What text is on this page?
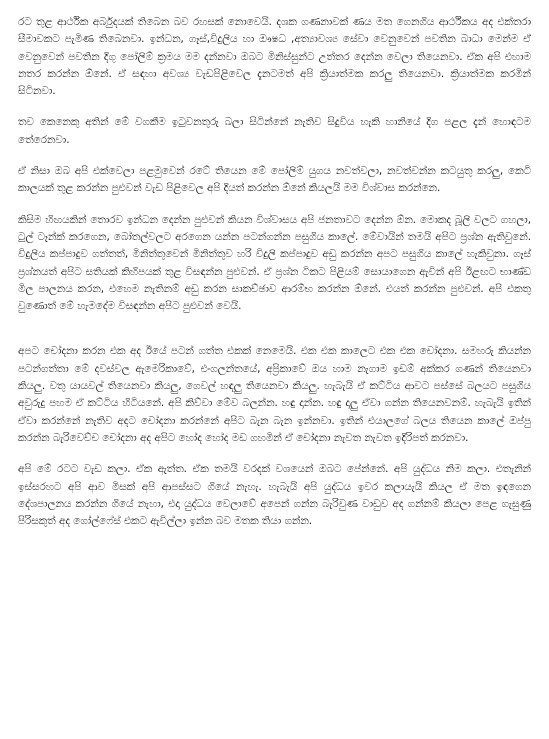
රට තුළ ආර්ථික අර්බුදයක් තිබෙන බව රහසක් නොවෙයි. දශක ගණනාවක් ණය මත ගෙනගිය ආර්ථිකය අද එක්තරා සීමාවකට පැමිණ තිබෙනවා. ඉන්ධන, ගෑස්,විදුලිය හා ඖෂධ ,අත්‍යාවශ්‍ය සේවා වෙනුවෙන් පවතින බාධා මෙන්ම ඒ වෙනුවෙන් පවතින දිගු පෝලිම් ක්‍රමය මම දන්නවා ඔබට මිනිස්සුන්ට උත්තර දෙන්න වෙලා තියෙනවා. ඒක අපි එහාම නතර කරන්න ඕනේ. ඒ සඳහා අවශ්‍ය වැඩපිළිවෙල දැනටමත් අපි ක්‍රියාත්මක කරලු තියෙනවා. ක්‍රියාත්මක කරමින් සිටිනවා.

තව කෙනෙකු අතින් මේ වගකීම ඉටුවනතුරු බලා සිටින්නේ නැතිව සිදුවිය හැකි හානියේ දිග පළල දැන් හොඳටම තේරෙනවා.

ඒ නිසා ඔබ අපි එක්වෙලා පළමුවෙන් රටේ තියෙන මේ පෝලිම් යුගය නවත්වලා, නවත්වන්න කටයුතු කරලු, කෙටි කාලයක් තුළ කරන්න පුළුවන් වැඩ පිළිවෙල අපි දියත් කරන්න ඕනේ කියලයි මම විශ්වාස කරන්නෙ.

කිසිම හිඟයකින් තොරව ඉන්ධන දෙන්න පුළුවන් කියන විශ්වාසය අපි ජනතාවට දෙන්න ඕන. මොකද බූලි වලට ගහලා, ටුල් ටෑන්ක් කරගෙන, බෝතල්වලට අරගෙන යන්න පටන්ගන්න පසුගිය කාලේ. මේවායින් තමයි අපිට ප්‍රශ්න ඇතිවුනේ. විදුලිය කප්පාදුව ගත්තත්, මිනිත්තුවෙන් මිනිත්තුව හරි විදුලි කප්පාදුව අඩු කරන්න අපට පසුගිය කාලේ හැකිවුනා. ගෑස් ප්‍රශ්නයත් අපිට සතියක් කිහිපයක් තුළ විසඳන්න පුළුවන්. ඒ ප්‍රශ්න ටිකට පිළියම් සොයාගෙන ඇවින් අපි ඊළඟට භාණ්ඩ මිල පාලනය කරන, එහෙම නැතිනම් අඩු කරන සාකච්ඡාව ආරම්භ කරන්න ඕනේ. එයත් කරන්න පුළුවන්. අපි එකතු වුණොත් මේ හැමදේම විසඳන්න අපිට පුළුවන් වෙයි.

අපට චෝදනා කරන එක අද ඊයේ පටන් ගත්ත එකක් නෙමෙයි. එක එක කාලෙට එක එක චෝදනා. සමහරු කියන්න පටන්ගත්තා මේ දවස්වල ඇමෙරිකාවේ, එංගලන්තයේ, අප්‍රිකාවේ ඔය හාම නැගාම ඉඩම් අක්කර ගණන් තියෙනවා කියලු. වතු යායවල් තියෙනවා කියලු, ගෙවල් හඳලු තියෙනවා කියලු. හැබැයි ඒ කට්ටිය ආවට පස්සේ බලයට පසුගිය අවුරුදු පහම ඒ කට්ටිය හිටියනේ. අපි කිව්වා මේව බලන්න. හඳු දාන්න. හඳු දාලු ඒවා ගන්න තියෙනවනම්. හැබැයි ඉතින් ඒවා කරන්නේ නැතිව අදට චෝදනා කරන්නේ අපිට බැන බැන ඉන්නවා. ඉතින් එයාලගේ බලය තියෙන කාලේ ඔප්පු කරන්න බැරිවෙච්ච චෝදනා අද අපිට හෝද හෝද මඩ ගහමින් ඒ චෝදනා නැවත නැවත ඉදිරිපත් කරනවා.

අපි මේ රටට වැඩ කලා. ඒක ඇත්ත. ඒක තමයි වරදක් වශයෙන් ඔබට පේන්නේ. අපි යුද්ධය නිම කලා. එතැනින් ඉස්සරහට අපි ආව මිසක් අපි ආපස්සට ගියේ නැහැ. හැබැයි අපි යුද්ධය ඉවර කලායැයි කියල ඒ මත ඉඳගෙන දේශපාලනය කරන්න ගියේ නැහා, එදා යුද්ධය වෙලාවේ අපෙන් ගන්න බැරිවුණ වාඩුව අද ගන්නම් කියලා පෙළ ගැසුණු පිරිසකුත් අද ගෝල්ෆේස් එකට ඇවිල්ලා ඉන්න බව මතක තියා ගන්න.
